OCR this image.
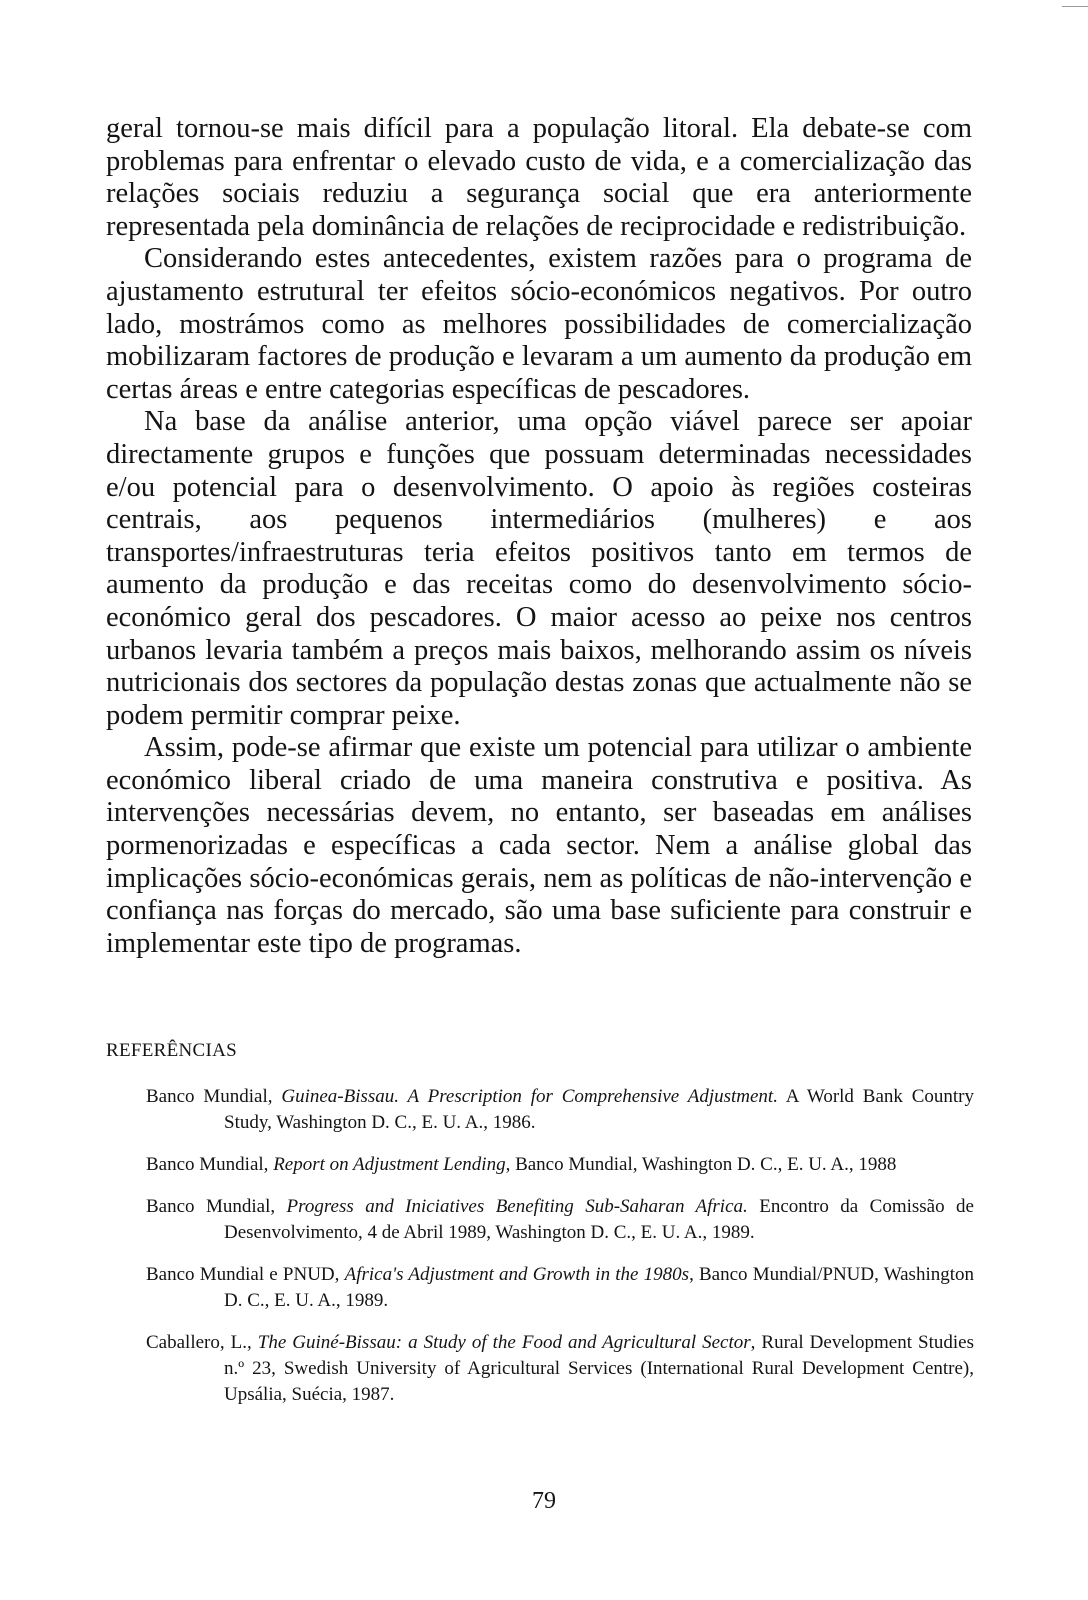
geral tornou-se mais difícil para a população litoral. Ela debate-se com problemas para enfrentar o elevado custo de vida, e a comercialização das relações sociais reduziu a segurança social que era anteriormente representada pela dominância de relações de reciprocidade e redistribuição.

Considerando estes antecedentes, existem razões para o programa de ajustamento estrutural ter efeitos sócio-económicos negativos. Por outro lado, mostrámos como as melhores possibilidades de comercialização mobilizaram factores de produção e levaram a um aumento da produção em certas áreas e entre categorias específicas de pescadores.

Na base da análise anterior, uma opção viável parece ser apoiar directamente grupos e funções que possuam determinadas necessidades e/ou potencial para o desenvolvimento. O apoio às regiões costeiras centrais, aos pequenos intermediários (mulheres) e aos transportes/infraestruturas teria efeitos positivos tanto em termos de aumento da produção e das receitas como do desenvolvimento sócio-económico geral dos pescadores. O maior acesso ao peixe nos centros urbanos levaria também a preços mais baixos, melhorando assim os níveis nutricionais dos sectores da população destas zonas que actualmente não se podem permitir comprar peixe.

Assim, pode-se afirmar que existe um potencial para utilizar o ambiente económico liberal criado de uma maneira construtiva e positiva. As intervenções necessárias devem, no entanto, ser baseadas em análises pormenorizadas e específicas a cada sector. Nem a análise global das implicações sócio-económicas gerais, nem as políticas de não-intervenção e confiança nas forças do mercado, são uma base suficiente para construir e implementar este tipo de programas.

REFERÊNCIAS
Banco Mundial, Guinea-Bissau. A Prescription for Comprehensive Adjustment. A World Bank Country Study, Washington D. C., E. U. A., 1986.
Banco Mundial, Report on Adjustment Lending, Banco Mundial, Washington D. C., E. U. A., 1988
Banco Mundial, Progress and Iniciatives Benefiting Sub-Saharan Africa. Encontro da Comissão de Desenvolvimento, 4 de Abril 1989, Washington D. C., E. U. A., 1989.
Banco Mundial e PNUD, Africa's Adjustment and Growth in the 1980s, Banco Mundial/PNUD, Washington D. C., E. U. A., 1989.
Caballero, L., The Guiné-Bissau: a Study of the Food and Agricultural Sector, Rural Development Studies n.º 23, Swedish University of Agricultural Services (International Rural Development Centre), Upsália, Suécia, 1987.
79
